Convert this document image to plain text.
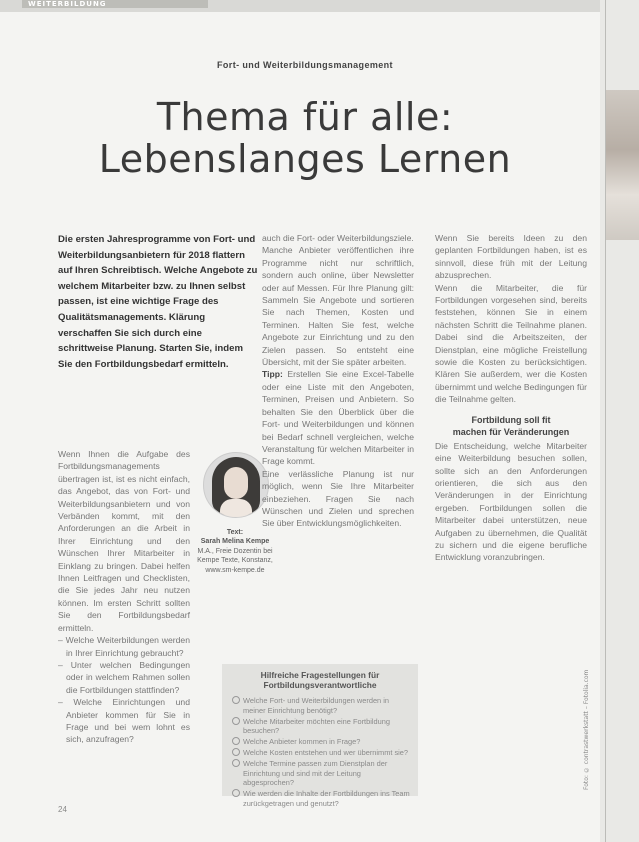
WEITERBILDUNG
Foto: © contrastwerkstatt – Fotolia.com
Fort- und Weiterbildungsmanagement
Thema für alle:
Lebenslanges Lernen
Die ersten Jahresprogramme von Fort- und Weiterbildungsanbietern für 2018 flattern auf Ihren Schreibtisch. Welche Angebote zu welchem Mitarbeiter bzw. zu Ihnen selbst passen, ist eine wichtige Frage des Qualitätsmanagements. Klärung verschaffen Sie sich durch eine schrittweise Planung. Starten Sie, indem Sie den Fortbildungsbedarf ermitteln.

Wenn Ihnen die Aufgabe des Fortbildungsmanagements übertragen ist, ist es nicht einfach, das Angebot, das von Fort- und Weiterbildungsanbietern und von Verbänden kommt, mit den Anforderungen an die Arbeit in Ihrer Einrichtung und den Wünschen Ihrer Mitarbeiter in Einklang zu bringen. Dabei helfen Ihnen Leitfragen und Checklisten, die Sie jedes Jahr neu nutzen können. Im ersten Schritt sollten Sie den Fortbildungsbedarf ermitteln.

– Welche Weiterbildungen werden in Ihrer Einrichtung gebraucht?

– Unter welchen Bedingungen oder in welchem Rahmen sollen die Fortbildungen stattfinden?

– Welche Einrichtungen und Anbieter kommen für Sie in Frage und bei wem lohnt es sich, anzufragen?

Text:
Sarah Melina Kempe
M.A., Freie Dozentin bei Kempe Texte, Konstanz, www.sm-kempe.de

auch die Fort- oder Weiterbildungsziele.

Manche Anbieter veröffentlichen ihre Programme nicht nur schriftlich, sondern auch online, über Newsletter oder auf Messen. Für Ihre Planung gilt: Sammeln Sie Angebote und sortieren Sie nach Themen, Kosten und Terminen. Halten Sie fest, welche Angebote zur Einrichtung und zu den Zielen passen. So entsteht eine Übersicht, mit der Sie später arbeiten.

Tipp: Erstellen Sie eine Excel-Tabelle oder eine Liste mit den Angeboten, Terminen, Preisen und Anbietern. So behalten Sie den Überblick über die Fort- und Weiterbildungen und können bei Bedarf schnell vergleichen, welche Veranstaltung für welchen Mitarbeiter in Frage kommt.

Eine verlässliche Planung ist nur möglich, wenn Sie Ihre Mitarbeiter einbeziehen. Fragen Sie nach Wünschen und Zielen und sprechen Sie über Entwicklungsmöglichkeiten.

Wenn Sie bereits Ideen zu den geplanten Fortbildungen haben, ist es sinnvoll, diese früh mit der Leitung abzusprechen.

Wenn die Mitarbeiter, die für Fortbildungen vorgesehen sind, bereits feststehen, können Sie in einem nächsten Schritt die Teilnahme planen. Dabei sind die Arbeitszeiten, der Dienstplan, eine mögliche Freistellung sowie die Kosten zu berücksichtigen. Klären Sie außerdem, wer die Kosten übernimmt und welche Bedingungen für die Teilnahme gelten.

Fortbildung soll fit
machen für Veränderungen

Die Entscheidung, welche Mitarbeiter eine Weiterbildung besuchen sollen, sollte sich an den Anforderungen orientieren, die sich aus den Veränderungen in der Einrichtung ergeben. Fortbildungen sollen die Mitarbeiter dabei unterstützen, neue Aufgaben zu übernehmen, die Qualität zu sichern und die eigene berufliche Entwicklung voranzubringen.

Hilfreiche Fragestellungen für
Fortbildungsverantwortliche
Welche Fort- und Weiterbildungen werden in meiner Einrichtung benötigt?
Welche Mitarbeiter möchten eine Fortbildung besuchen?
Welche Anbieter kommen in Frage?
Welche Kosten entstehen und wer übernimmt sie?
Welche Termine passen zum Dienstplan der Einrichtung und sind mit der Leitung abgesprochen?
Wie werden die Inhalte der Fortbildungen ins Team zurückgetragen und genutzt?
24
